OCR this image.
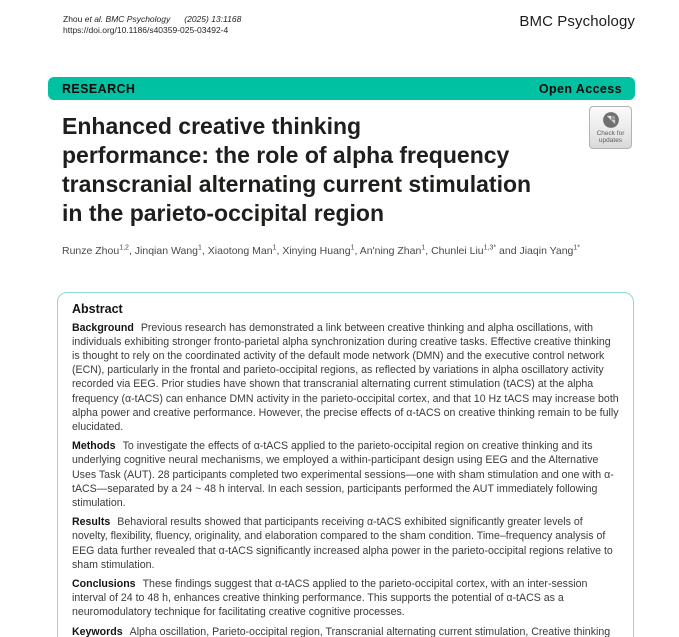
Zhou et al. BMC Psychology (2025) 13:1168
https://doi.org/10.1186/s40359-025-03492-4	BMC Psychology
RESEARCH	Open Access
Check for
updates
Enhanced creative thinking
performance: the role of alpha frequency
transcranial alternating current stimulation
in the parieto-occipital region
Runze Zhou$^{1,2}$, Jinqian Wang$^1$, Xiaotong Man$^1$, Xinying Huang$^1$, An'ning Zhan$^1$, Chunlei Liu$^{1,3*}$ and Jiaqin Yang$^{1*}$
Abstract

Background Previous research has demonstrated a link between creative thinking and alpha oscillations, with individuals exhibiting stronger fronto-parietal alpha synchronization during creative tasks. Effective creative thinking is thought to rely on the coordinated activity of the default mode network (DMN) and the executive control network (ECN), particularly in the frontal and parieto-occipital regions, as reflected by variations in alpha oscillatory activity recorded via EEG. Prior studies have shown that transcranial alternating current stimulation (tACS) at the alpha frequency (α-tACS) can enhance DMN activity in the parieto-occipital cortex, and that 10 Hz tACS may increase both alpha power and creative performance. However, the precise effects of α-tACS on creative thinking remain to be fully elucidated.

Methods To investigate the effects of α-tACS applied to the parieto-occipital region on creative thinking and its underlying cognitive neural mechanisms, we employed a within-participant design using EEG and the Alternative Uses Task (AUT). 28 participants completed two experimental sessions—one with sham stimulation and one with α-tACS—separated by a 24 ~ 48 h interval. In each session, participants performed the AUT immediately following stimulation.

Results Behavioral results showed that participants receiving α-tACS exhibited significantly greater levels of novelty, flexibility, fluency, originality, and elaboration compared to the sham condition. Time–frequency analysis of EEG data further revealed that α-tACS significantly increased alpha power in the parieto-occipital regions relative to sham stimulation.

Conclusions These findings suggest that α-tACS applied to the parieto-occipital cortex, with an inter-session interval of 24 to 48 h, enhances creative thinking performance. This supports the potential of α-tACS as a neuromodulatory technique for facilitating creative cognitive processes.

Keywords Alpha oscillation, Parieto-occipital region, Transcranial alternating current stimulation, Creative thinking
